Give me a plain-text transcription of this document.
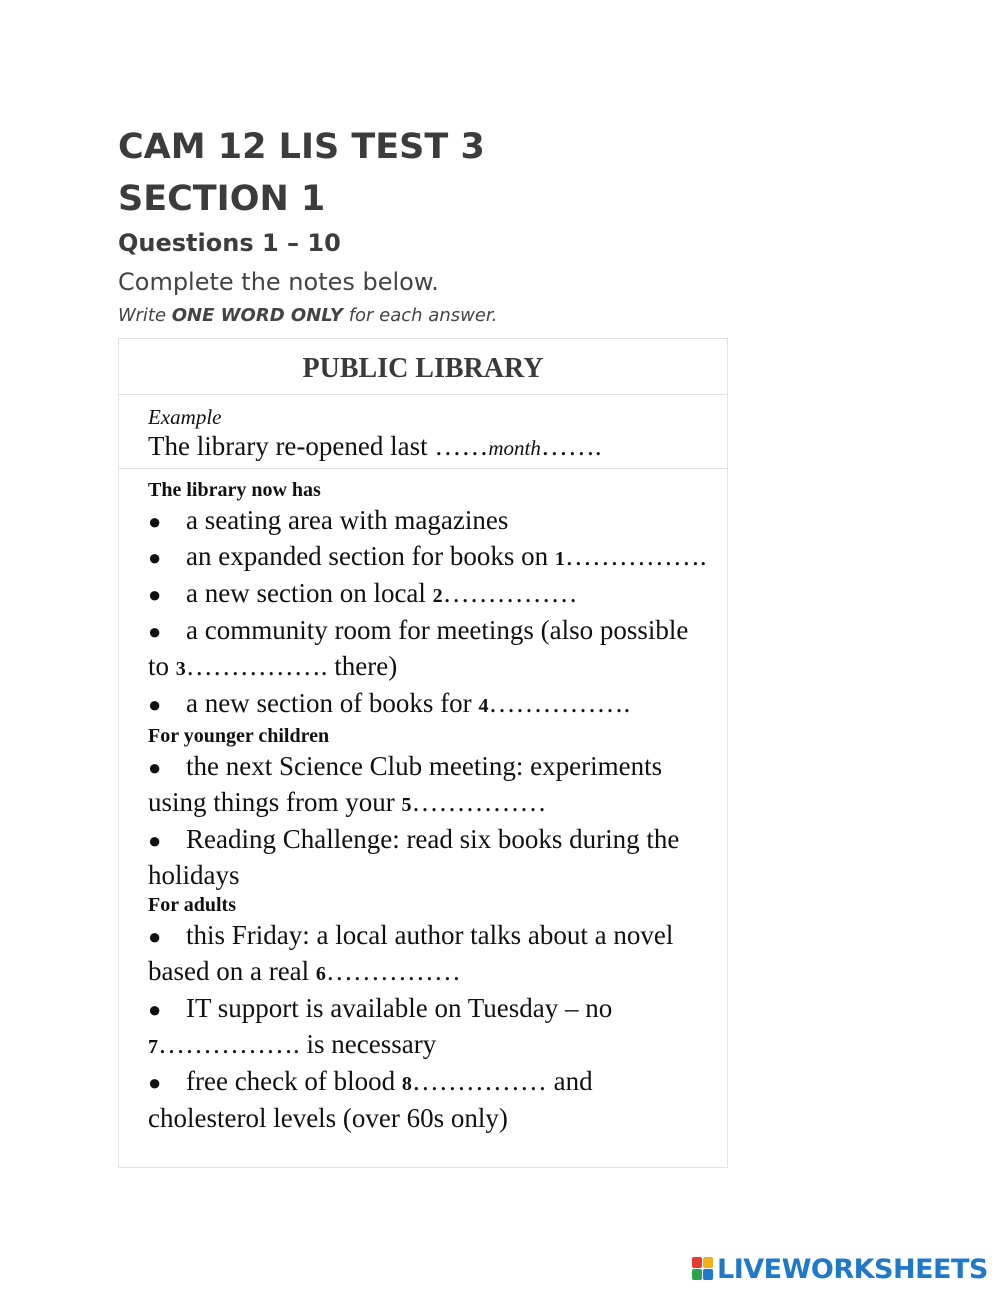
CAM 12 LIS TEST 3
SECTION 1

Questions 1 – 10

Complete the notes below.

Write ONE WORD ONLY for each answer.

PUBLIC LIBRARY
Example
The library re-opened last ……month…….
The library now has
● a seating area with magazines
● an expanded section for books on 1…………….
● a new section on local 2……………
● a community room for meetings (also possible to 3……………. there)
● a new section of books for 4…………….
For younger children
● the next Science Club meeting: experiments using things from your 5……………
● Reading Challenge: read six books during the holidays
For adults
● this Friday: a local author talks about a novel based on a real 6……………
● IT support is available on Tuesday – no 7……………. is necessary
● free check of blood 8…………… and cholesterol levels (over 60s only)
LIVEWORKSHEETS
